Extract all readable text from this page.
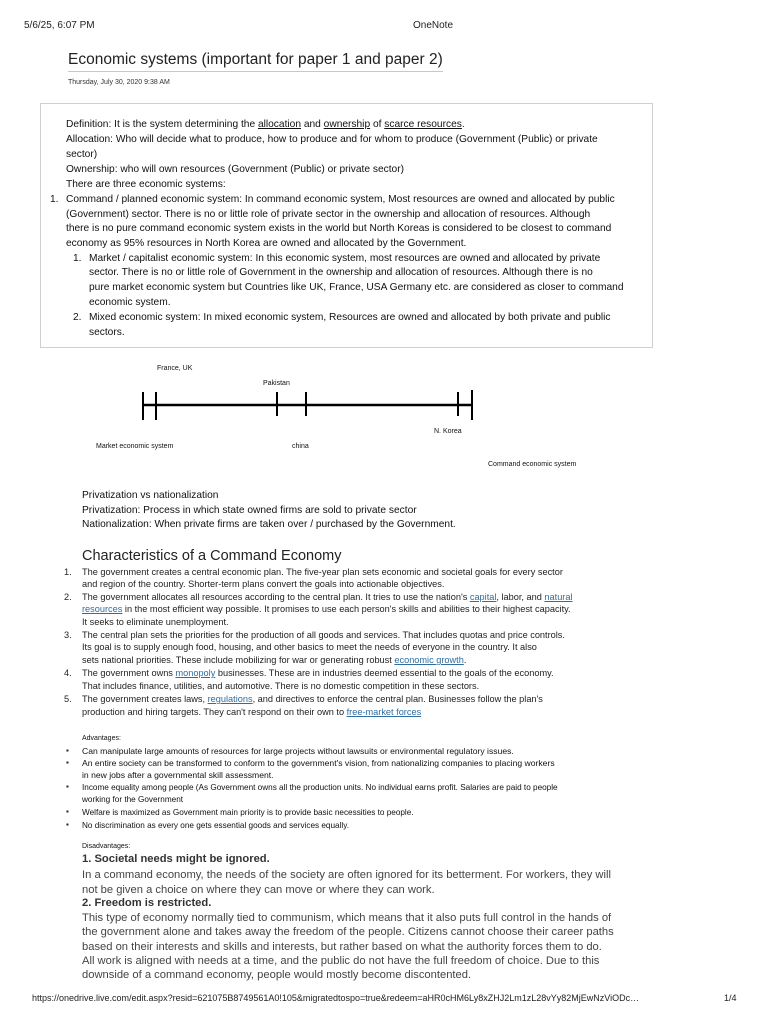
5/6/25, 6:07 PM	OneNote
Economic systems (important for paper 1 and paper 2)
Thursday, July 30, 2020 9:38 AM
Definition: It is the system determining the allocation and ownership of scarce resources.
Allocation: Who will decide what to produce, how to produce and for whom to produce (Government (Public) or private
sector)
Ownership: who will own resources (Government (Public) or private sector)
There are three economic systems:
1. Command / planned economic system: In command economic system, Most resources are owned and allocated by public
(Government) sector. There is no or little role of private sector in the ownership and allocation of resources. Although
there is no pure command economic system exists in the world but North Koreas is considered to be closest to command
economy as 95% resources in North Korea are owned and allocated by the Government.
1. Market / capitalist economic system: In this economic system, most resources are owned and allocated by private
sector. There is no or little role of Government in the ownership and allocation of resources. Although there is no
pure market economic system but Countries like UK, France, USA Germany etc. are considered as closer to command
economic system.
2. Mixed economic system: In mixed economic system, Resources are owned and allocated by both private and public
sectors.
France, UK
Pakistan
N. Korea
Market economic system	china
Command economic system
Privatization vs nationalization
Privatization: Process in which state owned firms are sold to private sector
Nationalization: When private firms are taken over / purchased by the Government.
Characteristics of a Command Economy
1. The government creates a central economic plan. The five-year plan sets economic and societal goals for every sector
and region of the country. Shorter-term plans convert the goals into actionable objectives.
2. The government allocates all resources according to the central plan. It tries to use the nation's capital, labor, and natural
resources in the most efficient way possible. It promises to use each person's skills and abilities to their highest capacity.
It seeks to eliminate unemployment.
3. The central plan sets the priorities for the production of all goods and services. That includes quotas and price controls.
Its goal is to supply enough food, housing, and other basics to meet the needs of everyone in the country. It also
sets national priorities. These include mobilizing for war or generating robust economic growth.
4. The government owns monopoly businesses. These are in industries deemed essential to the goals of the economy.
That includes finance, utilities, and automotive. There is no domestic competition in these sectors.
5. The government creates laws, regulations, and directives to enforce the central plan. Businesses follow the plan's
production and hiring targets. They can't respond on their own to free-market forces
Advantages:
▪ Can manipulate large amounts of resources for large projects without lawsuits or environmental regulatory issues.
▪ An entire society can be transformed to conform to the government's vision, from nationalizing companies to placing workers
in new jobs after a governmental skill assessment.
▪ Income equality among people (As Government owns all the production units. No individual earns profit. Salaries are paid to people
working for the Government
▪ Welfare is maximized as Government main priority is to provide basic necessities to people.
▪ No discrimination as every one gets essential goods and services equally.
Disadvantages:
1. Societal needs might be ignored.
In a command economy, the needs of the society are often ignored for its betterment. For workers, they will
not be given a choice on where they can move or where they can work.
2. Freedom is restricted.
This type of economy normally tied to communism, which means that it also puts full control in the hands of
the government alone and takes away the freedom of the people. Citizens cannot choose their career paths
based on their interests and skills and interests, but rather based on what the authority forces them to do.
All work is aligned with needs at a time, and the public do not have the full freedom of choice. Due to this
downside of a command economy, people would mostly become discontented.
https://onedrive.live.com/edit.aspx?resid=621075B8749561A0!105&migratedtospo=true&redeem=aHR0cHM6Ly8xZHJ2Lm1zL28vYy82MjEwNzViODc…	1/4
